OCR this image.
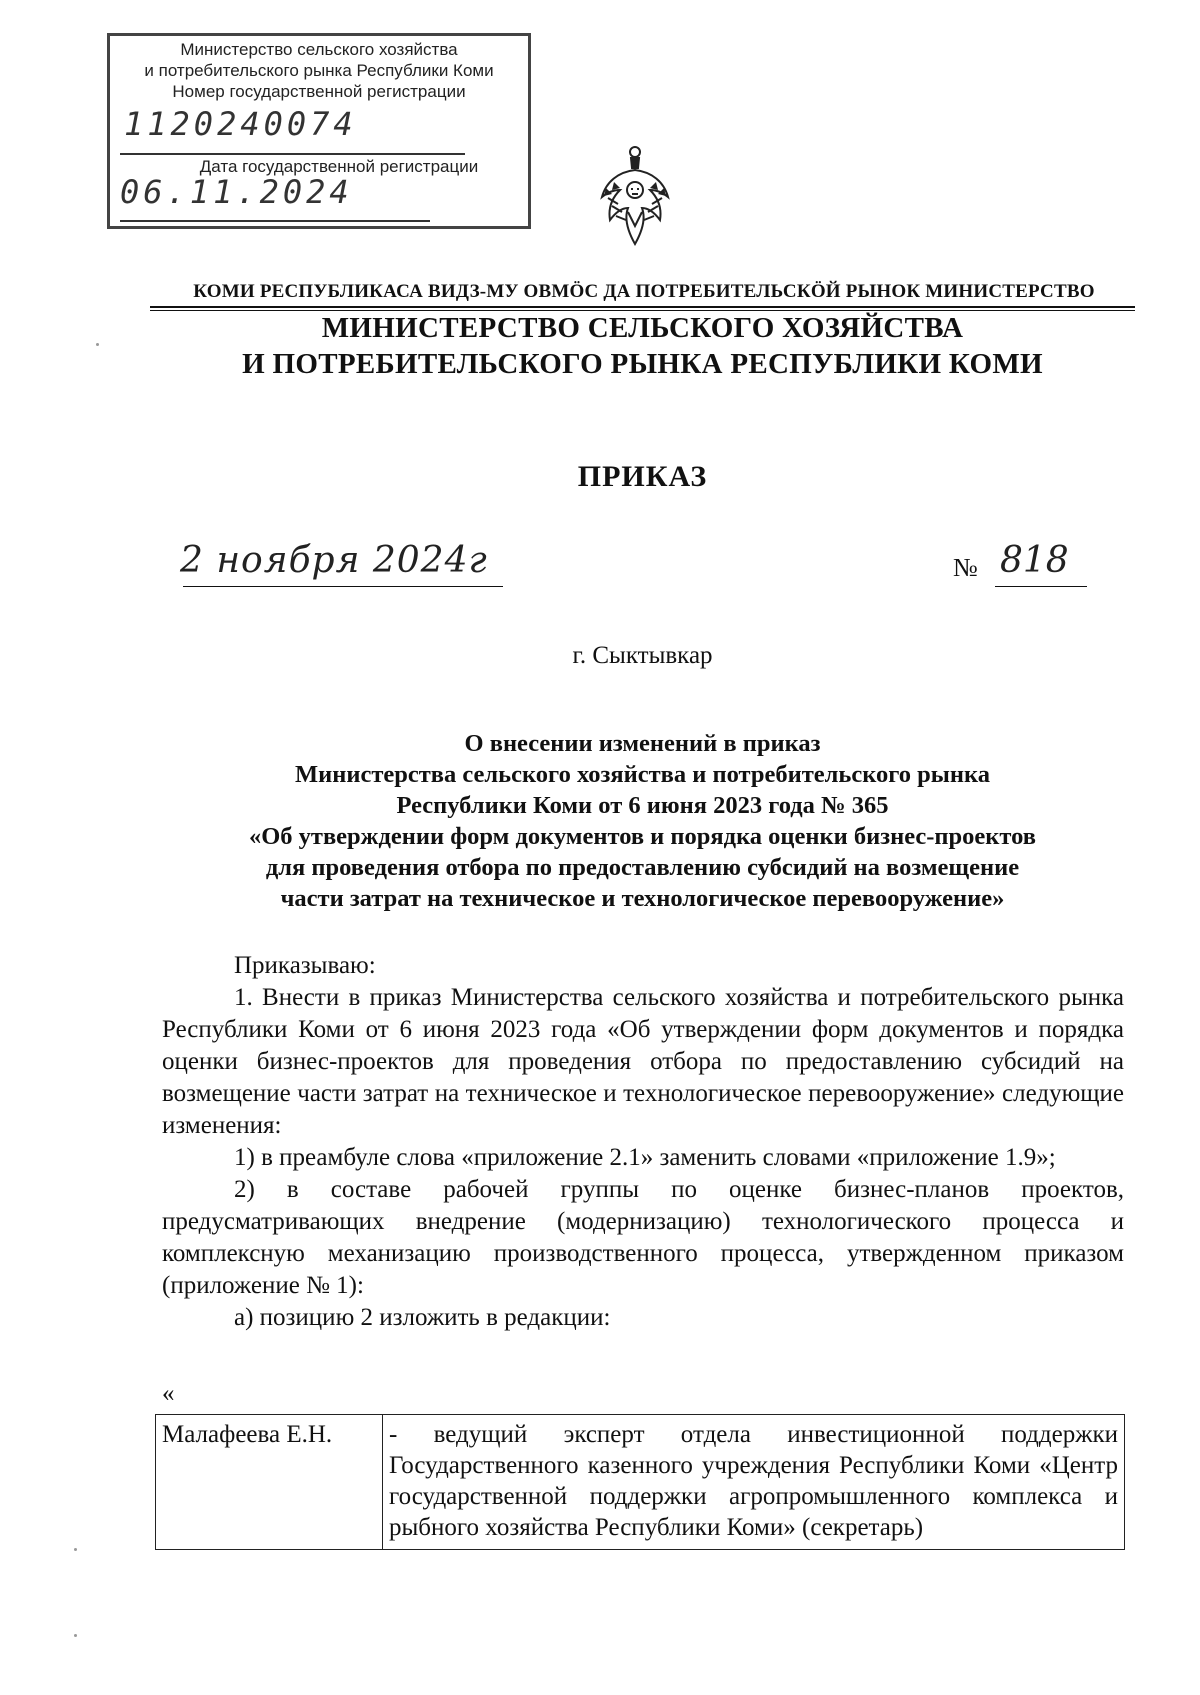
Министерство сельского хозяйства
и потребительского рынка Республики Коми
Номер государственной регистрации
1120240074
Дата государственной регистрации
06.11.2024
КОМИ РЕСПУБЛИКАСА ВИДЗ-МУ ОВМÖС ДА ПОТРЕБИТЕЛЬСКÖЙ РЫНОК МИНИСТЕРСТВО
МИНИСТЕРСТВО СЕЛЬСКОГО ХОЗЯЙСТВА
И ПОТРЕБИТЕЛЬСКОГО РЫНКА РЕСПУБЛИКИ КОМИ
ПРИКАЗ
2 ноября 2024г	№ 818
г. Сыктывкар
О внесении изменений в приказ
Министерства сельского хозяйства и потребительского рынка
Республики Коми от 6 июня 2023 года № 365
«Об утверждении форм документов и порядка оценки бизнес-проектов
для проведения отбора по предоставлению субсидий на возмещение
части затрат на техническое и технологическое перевооружение»

Приказываю:

1. Внести в приказ Министерства сельского хозяйства и потребительского рынка Республики Коми от 6 июня 2023 года «Об утверждении форм документов и порядка оценки бизнес-проектов для проведения отбора по предоставлению субсидий на возмещение части затрат на техническое и технологическое перевооружение» следующие изменения:

1) в преамбуле слова «приложение 2.1» заменить словами «приложение 1.9»;

2) в составе рабочей группы по оценке бизнес-планов проектов, предусматривающих внедрение (модернизацию) технологического процесса и комплексную механизацию производственного процесса, утвержденном приказом (приложение № 1):

а) позицию 2 изложить в редакции:

«
Малафеева Е.Н.	- ведущий эксперт отдела инвестиционной поддержки Государственного казенного учреждения Республики Коми «Центр государственной поддержки агропромышленного комплекса и рыбного хозяйства Республики Коми» (секретарь)
